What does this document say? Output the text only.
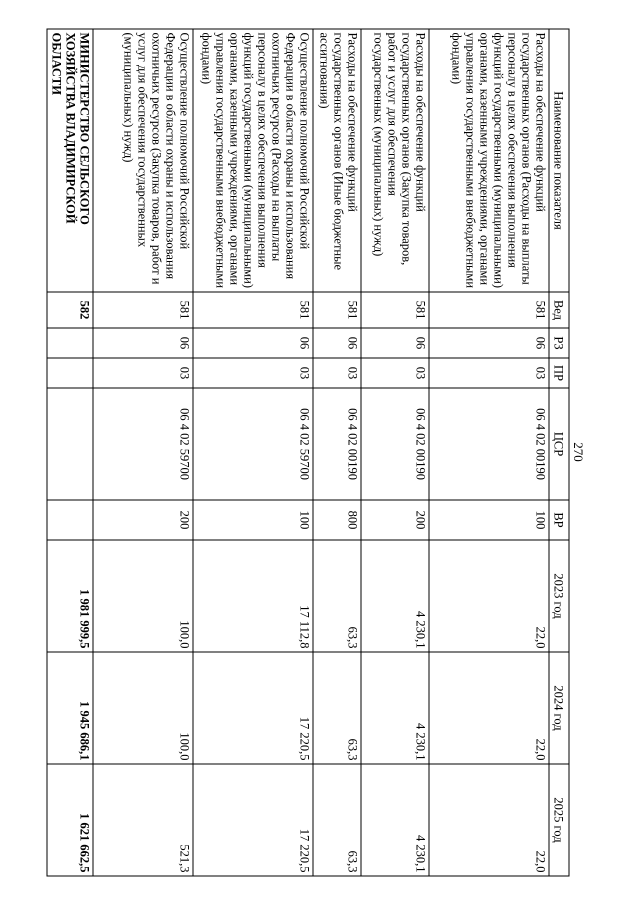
270
Наименование показателя	Вед	РЗ	ПР	ЦСР	ВР	2023 год	2024 год	2025 год
Расходы на обеспечение функций государственных органов (Расходы на выплаты персоналу в целях обеспечения выполнения функций государственными (муниципальными) органами, казенными учреждениями, органами управления государственными внебюджетными фондами)	581	06	03	06 4 02 00190	100	22,0	22,0	22,0
Расходы на обеспечение функций государственных органов (Закупка товаров, работ и услуг для обеспечения государственных (муниципальных) нужд)	581	06	03	06 4 02 00190	200	4 230,1	4 230,1	4 230,1
Расходы на обеспечение функций государственных органов (Иные бюджетные ассигнования)	581	06	03	06 4 02 00190	800	63,3	63,3	63,3
Осуществление полномочий Российской Федерации в области охраны и использования охотничьих ресурсов (Расходы на выплаты персоналу в целях обеспечения выполнения функций государственными (муниципальными) органами, казенными учреждениями, органами управления государственными внебюджетными фондами)	581	06	03	06 4 02 59700	100	17 112,8	17 220,5	17 220,5
Осуществление полномочий Российской Федерации в области охраны и использования охотничьих ресурсов (Закупка товаров, работ и услуг для обеспечения государственных (муниципальных) нужд)	581	06	03	06 4 02 59700	200	100,0	100,0	521,3
МИНИСТЕРСТВО СЕЛЬСКОГО ХОЗЯЙСТВА ВЛАДИМИРСКОЙ ОБЛАСТИ	582					1 981 999,5	1 945 686,1	1 621 662,5
